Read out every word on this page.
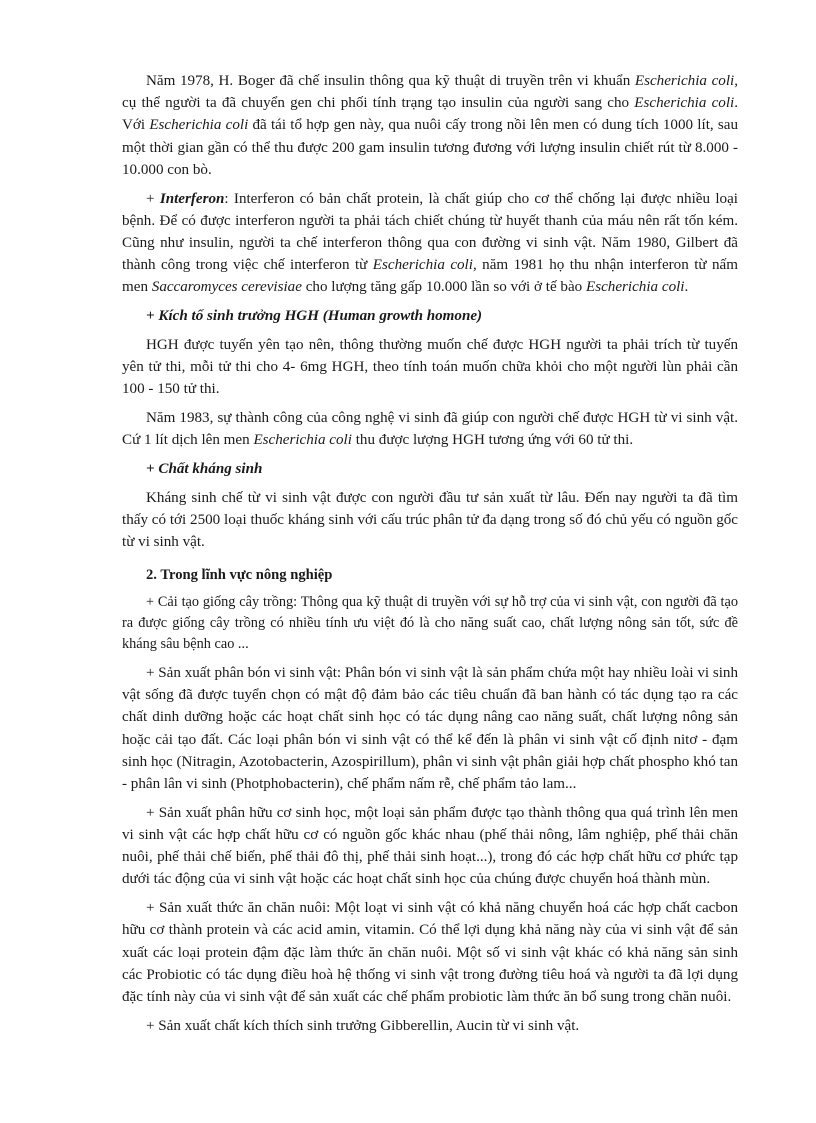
Năm 1978, H. Boger đã chế insulin thông qua kỹ thuật di truyền trên vi khuẩn Escherichia coli, cụ thể người ta đã chuyển gen chi phối tính trạng tạo insulin của người sang cho Escherichia coli. Với Escherichia coli đã tái tổ hợp gen này, qua nuôi cấy trong nồi lên men có dung tích 1000 lít, sau một thời gian gần có thể thu được 200 gam insulin tương đương với lượng insulin chiết rút từ 8.000 - 10.000 con bò.

+ Interferon: Interferon có bản chất protein, là chất giúp cho cơ thể chống lại được nhiều loại bệnh. Để có được interferon người ta phải tách chiết chúng từ huyết thanh của máu nên rất tốn kém. Cũng như insulin, người ta chế interferon thông qua con đường vi sinh vật. Năm 1980, Gilbert đã thành công trong việc chế interferon từ Escherichia coli, năm 1981 họ thu nhận interferon từ nấm men Saccaromyces cerevisiae cho lượng tăng gấp 10.000 lần so với ở tế bào Escherichia coli.

+ Kích tố sinh trưởng HGH (Human growth homone)

HGH được tuyến yên tạo nên, thông thường muốn chế được HGH người ta phải trích từ tuyến yên tử thi, mỗi tử thi cho 4- 6mg HGH, theo tính toán muốn chữa khỏi cho một người lùn phải cần 100 - 150 tử thi.

Năm 1983, sự thành công của công nghệ vi sinh đã giúp con người chế được HGH từ vi sinh vật. Cứ 1 lít dịch lên men Escherichia coli thu được lượng HGH tương ứng với 60 tử thi.

+ Chất kháng sinh

Kháng sinh chế từ vi sinh vật được con người đầu tư sản xuất từ lâu. Đến nay người ta đã tìm thấy có tới 2500 loại thuốc kháng sinh với cấu trúc phân tử đa dạng trong số đó chủ yếu có nguồn gốc từ vi sinh vật.

2. Trong lĩnh vực nông nghiệp

+ Cải tạo giống cây trồng: Thông qua kỹ thuật di truyền với sự hỗ trợ của vi sinh vật, con người đã tạo ra được giống cây trồng có nhiều tính ưu việt đó là cho năng suất cao, chất lượng nông sản tốt, sức đề kháng sâu bệnh cao ...

+ Sản xuất phân bón vi sinh vật: Phân bón vi sinh vật là sản phẩm chứa một hay nhiều loài vi sinh vật sống đã được tuyển chọn có mật độ đảm bảo các tiêu chuẩn đã ban hành có tác dụng tạo ra các chất dinh dưỡng hoặc các hoạt chất sinh học có tác dụng nâng cao năng suất, chất lượng nông sản hoặc cải tạo đất. Các loại phân bón vi sinh vật có thể kể đến là phân vi sinh vật cố định nitơ - đạm sinh học (Nitragin, Azotobacterin, Azospirillum), phân vi sinh vật phân giải hợp chất phospho khó tan - phân lân vi sinh (Photphobacterin), chế phẩm nấm rễ, chế phẩm tảo lam...

+ Sản xuất phân hữu cơ sinh học, một loại sản phẩm được tạo thành thông qua quá trình lên men vi sinh vật các hợp chất hữu cơ có nguồn gốc khác nhau (phế thải nông, lâm nghiệp, phế thải chăn nuôi, phế thải chế biến, phế thải đô thị, phế thải sinh hoạt...), trong đó các hợp chất hữu cơ phức tạp dưới tác động của vi sinh vật hoặc các hoạt chất sinh học của chúng được chuyển hoá thành mùn.

+ Sản xuất thức ăn chăn nuôi: Một loạt vi sinh vật có khả năng chuyển hoá các hợp chất cacbon hữu cơ thành protein và các acid amin, vitamin. Có thể lợi dụng khả năng này của vi sinh vật để sản xuất các loại protein đậm đặc làm thức ăn chăn nuôi. Một số vi sinh vật khác có khả năng sản sinh các Probiotic có tác dụng điều hoà hệ thống vi sinh vật trong đường tiêu hoá và người ta đã lợi dụng đặc tính này của vi sinh vật để sản xuất các chế phẩm probiotic làm thức ăn bổ sung trong chăn nuôi.

+ Sản xuất chất kích thích sinh trưởng Gibberellin, Aucin từ vi sinh vật.
